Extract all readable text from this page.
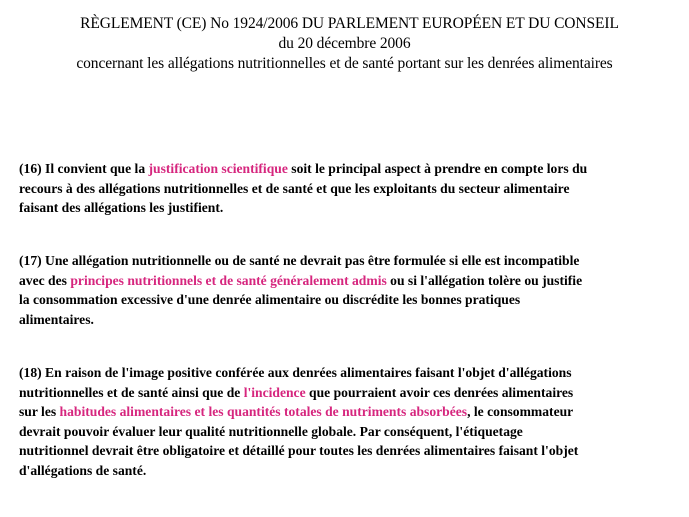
RÈGLEMENT (CE) No 1924/2006 DU PARLEMENT EUROPÉEN ET DU CONSEIL
du 20 décembre 2006
concernant les allégations nutritionnelles et de santé portant sur les denrées alimentaires
(16) Il convient que la justification scientifique soit le principal aspect à prendre en compte lors du
recours à des allégations nutritionnelles et de santé et que les exploitants du secteur alimentaire
faisant des allégations les justifient.
(17) Une allégation nutritionnelle ou de santé ne devrait pas être formulée si elle est incompatible
avec des principes nutritionnels et de santé généralement admis ou si l'allégation tolère ou justifie
la consommation excessive d'une denrée alimentaire ou discrédite les bonnes pratiques
alimentaires.
(18) En raison de l'image positive conférée aux denrées alimentaires faisant l'objet d'allégations
nutritionnelles et de santé ainsi que de l'incidence que pourraient avoir ces denrées alimentaires
sur les habitudes alimentaires et les quantités totales de nutriments absorbées, le consommateur
devrait pouvoir évaluer leur qualité nutritionnelle globale. Par conséquent, l'étiquetage
nutritionnel devrait être obligatoire et détaillé pour toutes les denrées alimentaires faisant l'objet
d'allégations de santé.
